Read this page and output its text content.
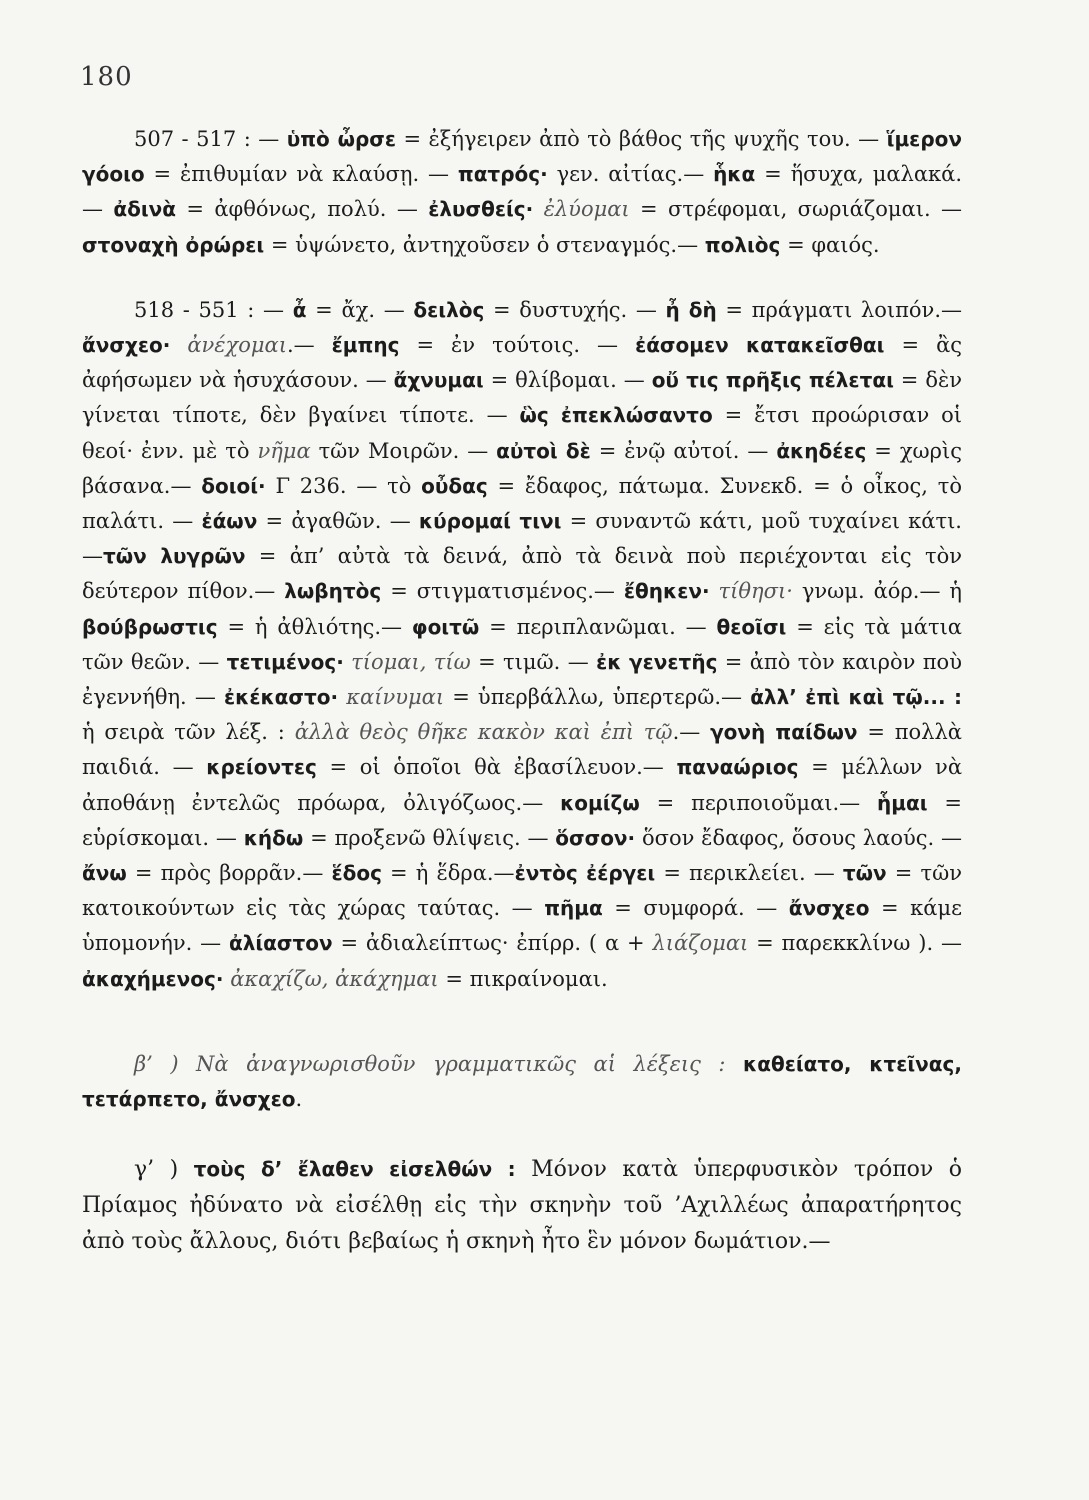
180

507 - 517 : — ὑπὸ ὦρσε = ἐξήγειρεν ἀπὸ τὸ βάθος τῆς ψυχῆς του. — ἵμερον γόοιο = ἐπιθυμίαν νὰ κλαύσῃ. — πατρός· γεν. αἰτίας.— ἧκα = ἥσυχα, μαλακά. — ἀδινὰ = ἀφθόνως, πολύ. — ἐλυσθείς· ἐλύομαι = στρέφομαι, σωριάζομαι. — στοναχὴ ὀρώρει = ὑψώνετο, ἀντηχοῦσεν ὁ στεναγμός.— πολιὸς = φαιός.

518 - 551 : — ἆ = ἄχ. — δειλὸς = δυστυχής. — ἦ δὴ = πράγματι λοιπόν.— ἄνσχεο· ἀνέχομαι.— ἔμπης = ἐν τούτοις. — ἐάσομεν κατακεῖσθαι = ἂς ἀφήσωμεν νὰ ἡσυχάσουν. — ἄχνυμαι = θλίβομαι. — οὔ τις πρῆξις πέλεται = δὲν γίνεται τίποτε, δὲν βγαίνει τίποτε. — ὣς ἐπεκλώσαντο = ἔτσι προώρισαν οἱ θεοί· ἐνν. μὲ τὸ νῆμα τῶν Μοιρῶν. — αὐτοὶ δὲ = ἐνῷ αὐτοί. — ἀκηδέες = χωρὶς βάσανα.— δοιοί· Γ 236. — τὸ οὖδας = ἔδαφος, πάτωμα. Συνεκδ. = ὁ οἶκος, τὸ παλάτι. — ἐάων = ἀγαθῶν. — κύρομαί τινι = συναντῶ κάτι, μοῦ τυχαίνει κάτι.—τῶν λυγρῶν = ἀπ’ αὐτὰ τὰ δεινά, ἀπὸ τὰ δεινὰ ποὺ περιέχονται εἰς τὸν δεύτερον πίθον.— λωβητὸς = στιγματισμένος.— ἔθηκεν· τίθησι· γνωμ. ἀόρ.— ἡ βούβρωστις = ἡ ἀθλιότης.— φοιτῶ = περιπλανῶμαι. — θεοῖσι = εἰς τὰ μάτια τῶν θεῶν. — τετιμένος· τίομαι, τίω = τιμῶ. — ἐκ γενετῆς = ἀπὸ τὸν καιρὸν ποὺ ἐγεννήθη. — ἐκέκαστο· καίνυμαι = ὑπερβάλλω, ὑπερτερῶ.— ἀλλ’ ἐπὶ καὶ τῷ... : ἡ σειρὰ τῶν λέξ. : ἀλλὰ θεὸς θῆκε κακὸν καὶ ἐπὶ τῷ.— γονὴ παίδων = πολλὰ παιδιά. — κρείοντες = οἱ ὁποῖοι θὰ ἐβασίλευον.— παναώριος = μέλλων νὰ ἀποθάνῃ ἐντελῶς πρόωρα, ὀλιγόζωος.— κομίζω = περιποιοῦμαι.— ἧμαι = εὑρίσκομαι. — κήδω = προξενῶ θλίψεις. — ὅσσον· ὅσον ἔδαφος, ὅσους λαούς. — ἄνω = πρὸς βορρᾶν.— ἕδος = ἡ ἕδρα.—ἐντὸς ἐέργει = περικλείει. — τῶν = τῶν κατοικούντων εἰς τὰς χώρας ταύτας. — πῆμα = συμφορά. — ἄνσχεο = κάμε ὑπομονήν. — ἀλίαστον = ἀδιαλείπτως· ἐπίρρ. ( α + λιάζομαι = παρεκκλίνω ). — ἀκαχήμενος· ἀκαχίζω, ἀκάχημαι = πικραίνομαι.

β’ ) Νὰ ἀναγνωρισθοῦν γραμματικῶς αἱ λέξεις : καθείατο, κτεῖνας, τετάρπετο, ἄνσχεο.

γ’ ) τοὺς δ’ ἔλαθεν εἰσελθών : Μόνον κατὰ ὑπερφυσικὸν τρόπον ὁ Πρίαμος ἠδύνατο νὰ εἰσέλθῃ εἰς τὴν σκηνὴν τοῦ ’Αχιλλέως ἀπαρατήρητος ἀπὸ τοὺς ἄλλους, διότι βεβαίως ἡ σκηνὴ ἦτο ἓν μόνον δωμάτιον.—
